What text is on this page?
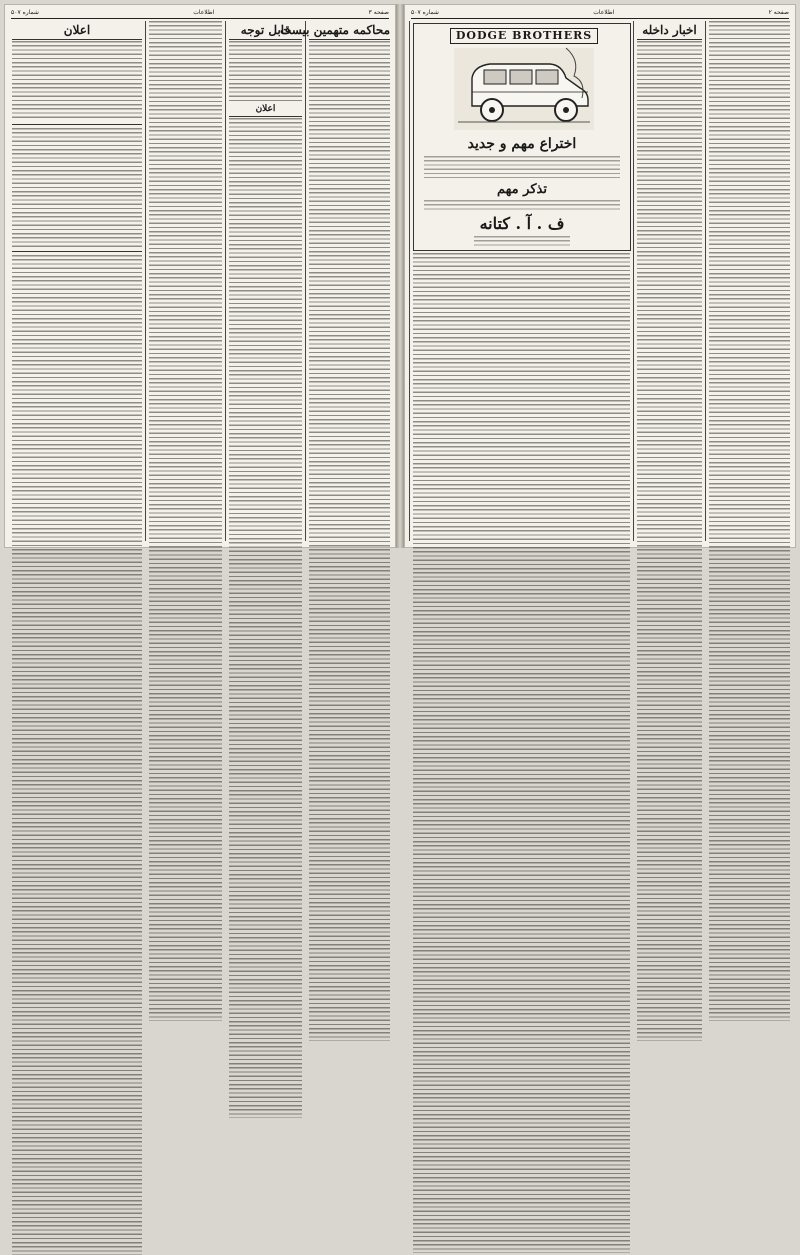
صفحه ۳
اطلاعات
شماره ۵۰۷
محاکمه متهمین بیست
قابل توجه
اعلان
اعلان
صفحه ۲
اطلاعات
شماره ۵۰۷
اخبار داخله
DODGE BROTHERS
اختراع مهم و جدید
تذکر مهم
ف . آ . کتانه
